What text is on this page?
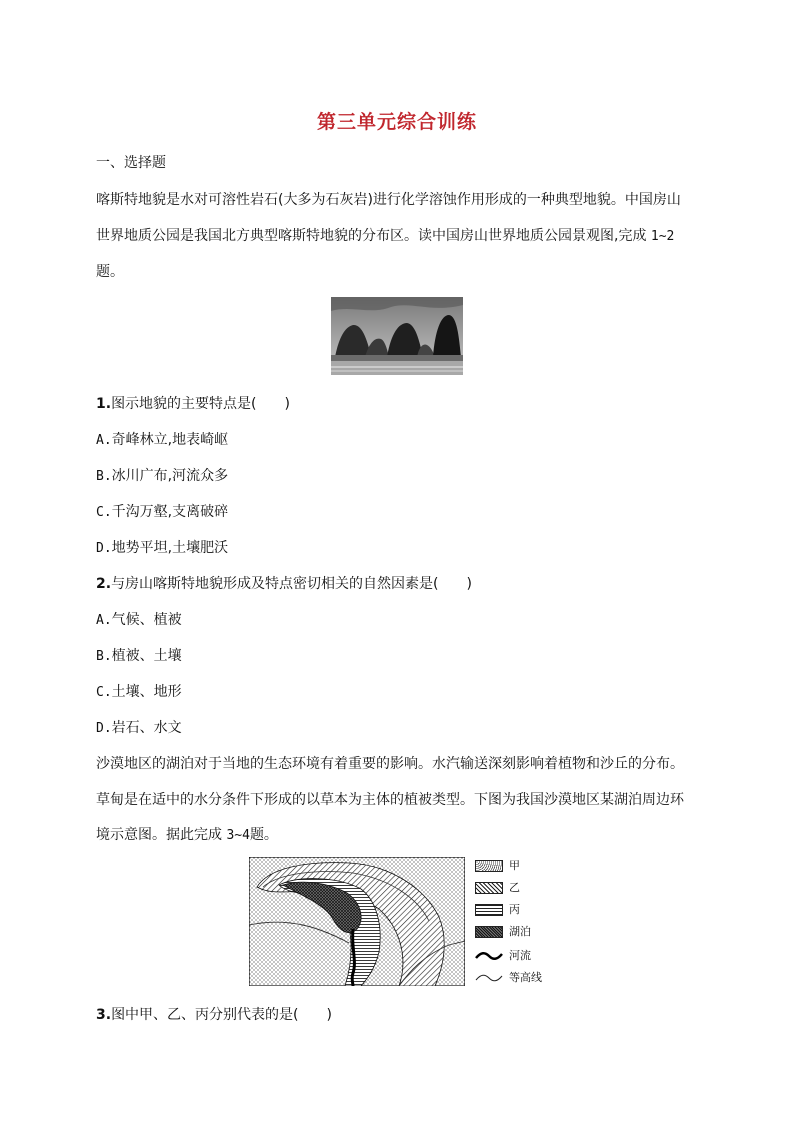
第三单元综合训练
一、选择题
喀斯特地貌是水对可溶性岩石(大多为石灰岩)进行化学溶蚀作用形成的一种典型地貌。中国房山
世界地质公园是我国北方典型喀斯特地貌的分布区。读中国房山世界地质公园景观图,完成 1~2
题。
1.图示地貌的主要特点是(　　)
A.奇峰林立,地表崎岖
B.冰川广布,河流众多
C.千沟万壑,支离破碎
D.地势平坦,土壤肥沃
2.与房山喀斯特地貌形成及特点密切相关的自然因素是(　　)
A.气候、植被
B.植被、土壤
C.土壤、地形
D.岩石、水文
沙漠地区的湖泊对于当地的生态环境有着重要的影响。水汽输送深刻影响着植物和沙丘的分布。
草甸是在适中的水分条件下形成的以草本为主体的植被类型。下图为我国沙漠地区某湖泊周边环
境示意图。据此完成 3~4题。
甲
乙
丙
湖泊
河流
等高线
3.图中甲、乙、丙分别代表的是(　　)
